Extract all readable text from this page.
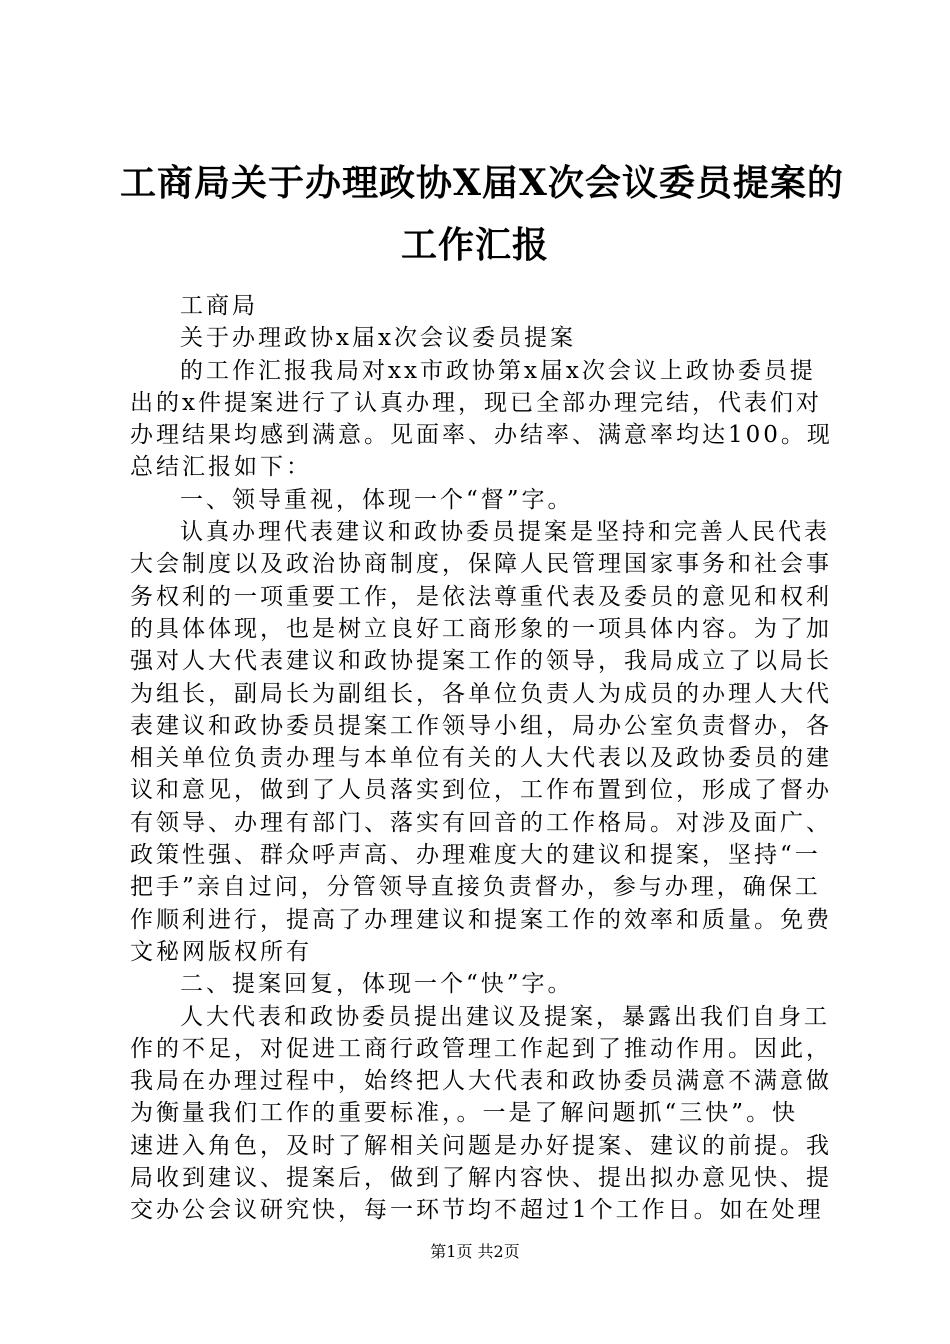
工商局关于办理政协X届X次会议委员提案的
工作汇报
工商局
关于办理政协x届x次会议委员提案
的工作汇报我局对xx市政协第x届x次会议上政协委员提
出的x件提案进行了认真办理，现已全部办理完结，代表们对
办理结果均感到满意。见面率、办结率、满意率均达100。现
总结汇报如下：
一、领导重视，体现一个“督”字。
认真办理代表建议和政协委员提案是坚持和完善人民代表
大会制度以及政治协商制度，保障人民管理国家事务和社会事
务权利的一项重要工作，是依法尊重代表及委员的意见和权利
的具体体现，也是树立良好工商形象的一项具体内容。为了加
强对人大代表建议和政协提案工作的领导，我局成立了以局长
为组长，副局长为副组长，各单位负责人为成员的办理人大代
表建议和政协委员提案工作领导小组，局办公室负责督办，各
相关单位负责办理与本单位有关的人大代表以及政协委员的建
议和意见，做到了人员落实到位，工作布置到位，形成了督办
有领导、办理有部门、落实有回音的工作格局。对涉及面广、
政策性强、群众呼声高、办理难度大的建议和提案，坚持“一
把手”亲自过问，分管领导直接负责督办，参与办理，确保工
作顺利进行，提高了办理建议和提案工作的效率和质量。免费
文秘网版权所有
二、提案回复，体现一个“快”字。
人大代表和政协委员提出建议及提案，暴露出我们自身工
作的不足，对促进工商行政管理工作起到了推动作用。因此，
我局在办理过程中，始终把人大代表和政协委员满意不满意做
为衡量我们工作的重要标准，。一是了解问题抓“三快”。快
速进入角色，及时了解相关问题是办好提案、建议的前提。我
局收到建议、提案后，做到了解内容快、提出拟办意见快、提
交办公会议研究快，每一环节均不超过1个工作日。如在处理
第1页 共2页
